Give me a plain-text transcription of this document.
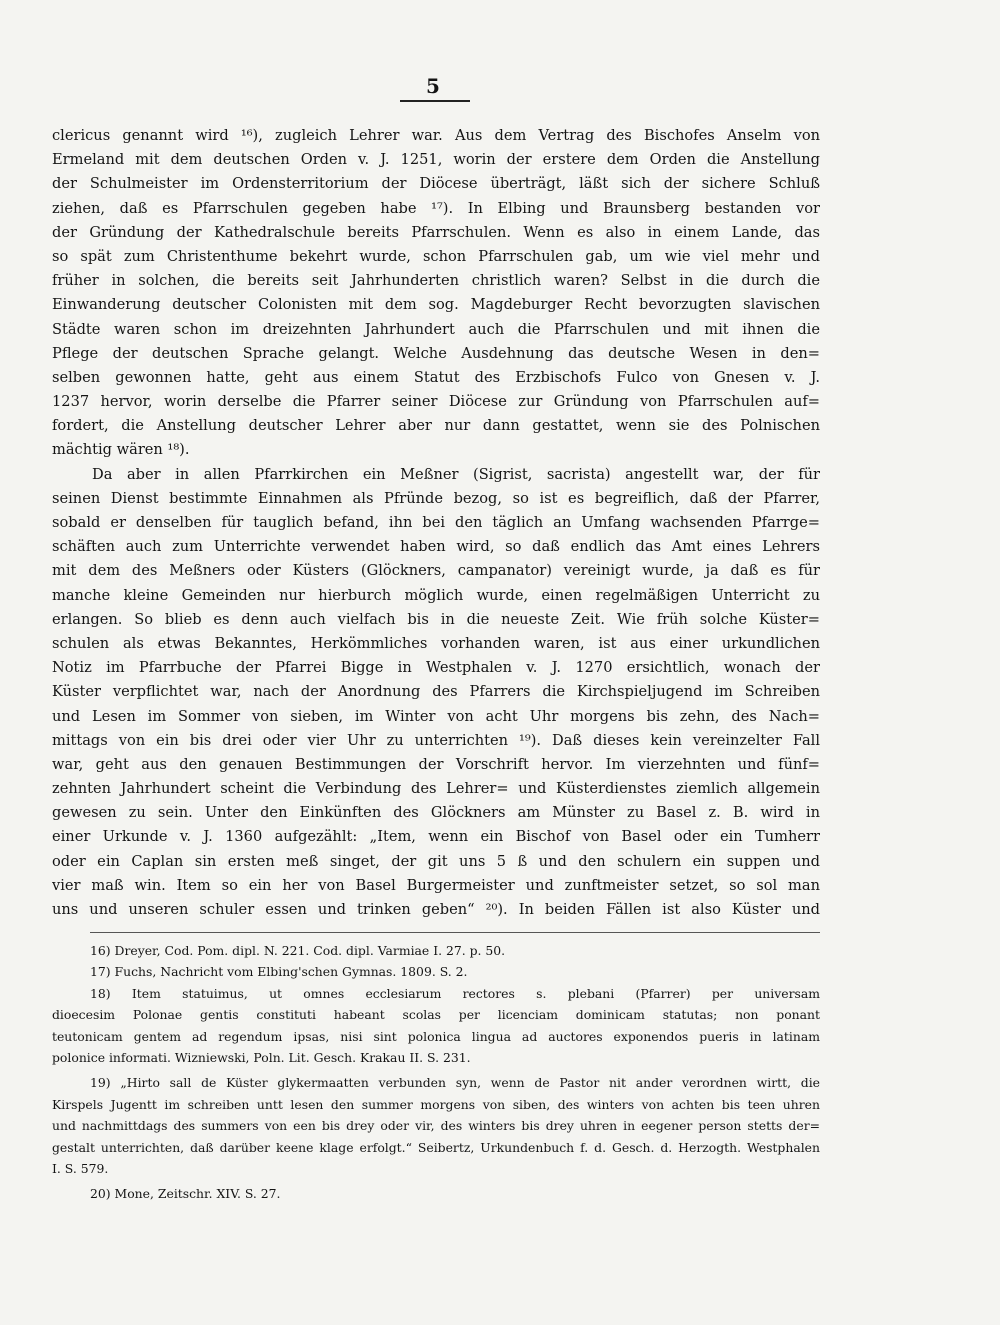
5
clericus genannt wird ¹⁶), zugleich Lehrer war. Aus dem Vertrag des Bischofes Anselm von
Ermeland mit dem deutschen Orden v. J. 1251, worin der erstere dem Orden die Anstellung
der Schulmeister im Ordensterritorium der Diöcese überträgt, läßt sich der sichere Schluß
ziehen, daß es Pfarrschulen gegeben habe ¹⁷). In Elbing und Braunsberg bestanden vor
der Gründung der Kathedralschule bereits Pfarrschulen. Wenn es also in einem Lande, das
so spät zum Christenthume bekehrt wurde, schon Pfarrschulen gab, um wie viel mehr und
früher in solchen, die bereits seit Jahrhunderten christlich waren? Selbst in die durch die
Einwanderung deutscher Colonisten mit dem sog. Magdeburger Recht bevorzugten slavischen
Städte waren schon im dreizehnten Jahrhundert auch die Pfarrschulen und mit ihnen die
Pflege der deutschen Sprache gelangt. Welche Ausdehnung das deutsche Wesen in den=
selben gewonnen hatte, geht aus einem Statut des Erzbischofs Fulco von Gnesen v. J.
1237 hervor, worin derselbe die Pfarrer seiner Diöcese zur Gründung von Pfarrschulen auf=
fordert, die Anstellung deutscher Lehrer aber nur dann gestattet, wenn sie des Polnischen
mächtig wären ¹⁸).
Da aber in allen Pfarrkirchen ein Meßner (Sigrist, sacrista) angestellt war, der für
seinen Dienst bestimmte Einnahmen als Pfründe bezog, so ist es begreiflich, daß der Pfarrer,
sobald er denselben für tauglich befand, ihn bei den täglich an Umfang wachsenden Pfarrge=
schäften auch zum Unterrichte verwendet haben wird, so daß endlich das Amt eines Lehrers
mit dem des Meßners oder Küsters (Glöckners, campanator) vereinigt wurde, ja daß es für
manche kleine Gemeinden nur hierburch möglich wurde, einen regelmäßigen Unterricht zu
erlangen. So blieb es denn auch vielfach bis in die neueste Zeit. Wie früh solche Küster=
schulen als etwas Bekanntes, Herkömmliches vorhanden waren, ist aus einer urkundlichen
Notiz im Pfarrbuche der Pfarrei Bigge in Westphalen v. J. 1270 ersichtlich, wonach der
Küster verpflichtet war, nach der Anordnung des Pfarrers die Kirchspieljugend im Schreiben
und Lesen im Sommer von sieben, im Winter von acht Uhr morgens bis zehn, des Nach=
mittags von ein bis drei oder vier Uhr zu unterrichten ¹⁹). Daß dieses kein vereinzelter Fall
war, geht aus den genauen Bestimmungen der Vorschrift hervor. Im vierzehnten und fünf=
zehnten Jahrhundert scheint die Verbindung des Lehrer= und Küsterdienstes ziemlich allgemein
gewesen zu sein. Unter den Einkünften des Glöckners am Münster zu Basel z. B. wird in
einer Urkunde v. J. 1360 aufgezählt: „Item, wenn ein Bischof von Basel oder ein Tumherr
oder ein Caplan sin ersten meß singet, der git uns 5 ß und den schulern ein suppen und
vier maß win. Item so ein her von Basel Burgermeister und zunftmeister setzet, so sol man
uns und unseren schuler essen und trinken geben“ ²⁰). In beiden Fällen ist also Küster und
16) Dreyer, Cod. Pom. dipl. N. 221. Cod. dipl. Varmiae I. 27. p. 50.
17) Fuchs, Nachricht vom Elbing'schen Gymnas. 1809. S. 2.
18) Item statuimus, ut omnes ecclesiarum rectores s. plebani (Pfarrer) per universam
dioecesim Polonae gentis constituti habeant scolas per licenciam dominicam statutas; non ponant
teutonicam gentem ad regendum ipsas, nisi sint polonica lingua ad auctores exponendos pueris in latinam
polonice informati. Wizniewski, Poln. Lit. Gesch. Krakau II. S. 231.
19) „Hirto sall de Küster glykermaatten verbunden syn, wenn de Pastor nit ander verordnen wirtt, die
Kirspels Jugentt im schreiben untt lesen den summer morgens von siben, des winters von achten bis teen uhren
und nachmittdags des summers von een bis drey oder vir, des winters bis drey uhren in eegener person stetts der=
gestalt unterrichten, daß darüber keene klage erfolgt.“ Seibertz, Urkundenbuch f. d. Gesch. d. Herzogth. Westphalen
I. S. 579.
20) Mone, Zeitschr. XIV. S. 27.
